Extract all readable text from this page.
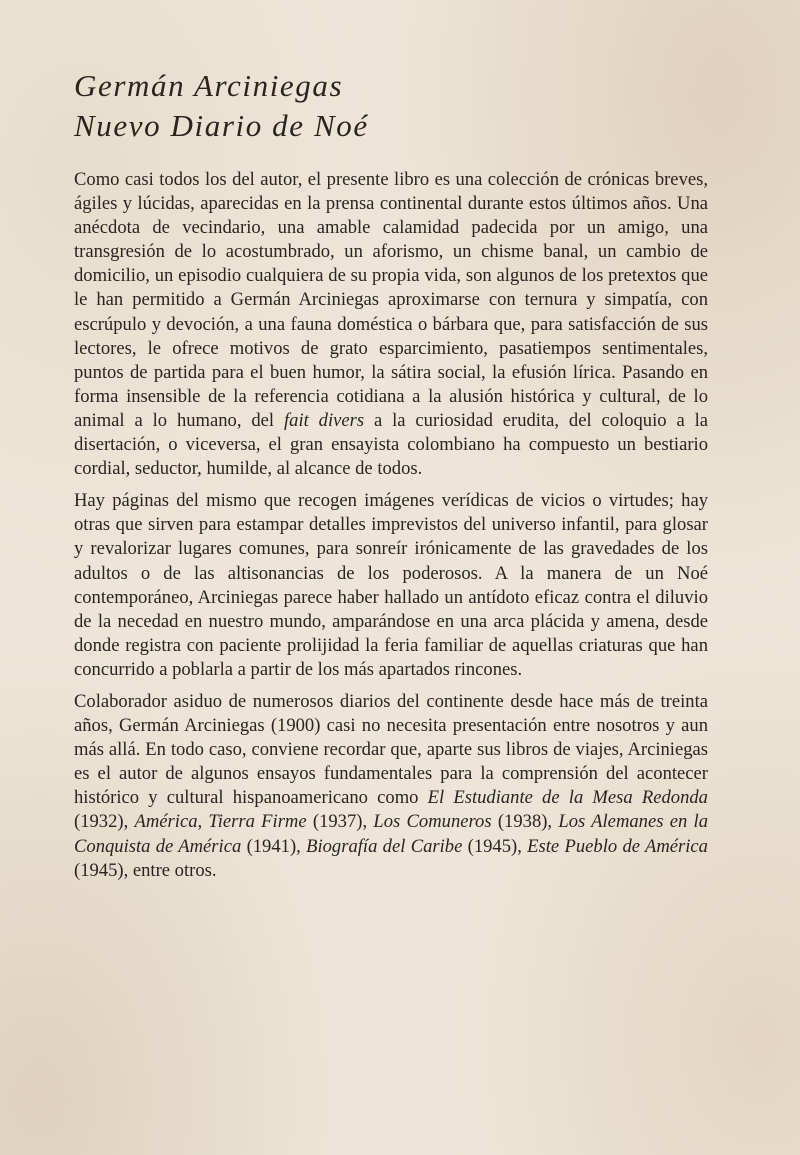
Germán Arciniegas
Nuevo Diario de Noé

Como casi todos los del autor, el presente libro es una colección de crónicas breves, ágiles y lúcidas, aparecidas en la prensa continental durante estos últimos años. Una anécdota de vecindario, una amable calamidad padecida por un amigo, una transgresión de lo acostumbrado, un aforismo, un chisme banal, un cambio de domicilio, un episodio cualquiera de su propia vida, son algunos de los pretextos que le han permitido a Germán Arciniegas aproximarse con ternura y simpatía, con escrúpulo y devoción, a una fauna doméstica o bárbara que, para satisfacción de sus lectores, le ofrece motivos de grato esparcimiento, pasatiempos sentimentales, puntos de partida para el buen humor, la sátira social, la efusión lírica. Pasando en forma insensible de la referencia cotidiana a la alusión histórica y cultural, de lo animal a lo humano, del fait divers a la curiosidad erudita, del coloquio a la disertación, o viceversa, el gran ensayista colombiano ha compuesto un bestiario cordial, seductor, humilde, al alcance de todos.

Hay páginas del mismo que recogen imágenes verídicas de vicios o virtudes; hay otras que sirven para estampar detalles imprevistos del universo infantil, para glosar y revalorizar lugares comunes, para sonreír irónicamente de las gravedades de los adultos o de las altisonancias de los poderosos. A la manera de un Noé contemporáneo, Arciniegas parece haber hallado un antídoto eficaz contra el diluvio de la necedad en nuestro mundo, amparándose en una arca plácida y amena, desde donde registra con paciente prolijidad la feria familiar de aquellas criaturas que han concurrido a poblarla a partir de los más apartados rincones.

Colaborador asiduo de numerosos diarios del continente desde hace más de treinta años, Germán Arciniegas (1900) casi no necesita presentación entre nosotros y aun más allá. En todo caso, conviene recordar que, aparte sus libros de viajes, Arciniegas es el autor de algunos ensayos fundamentales para la comprensión del acontecer histórico y cultural hispanoamericano como El Estudiante de la Mesa Redonda (1932), América, Tierra Firme (1937), Los Comuneros (1938), Los Alemanes en la Conquista de América (1941), Biografía del Caribe (1945), Este Pueblo de América (1945), entre otros.
